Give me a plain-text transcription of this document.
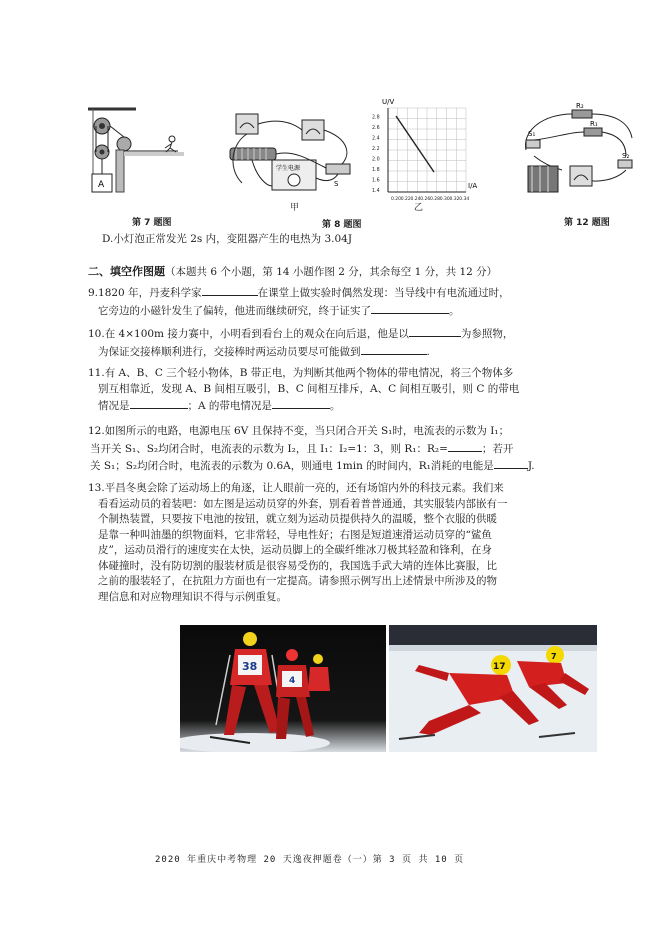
A
第 7 题图
学生电源
S
甲
第 8 题图
U/V
I/A
2.8
2.6
2.4
2.2
2.0
1.8
1.6
1.4
0.20 0.22 0.24 0.26 0.28 0.30 0.32 0.34
乙
R₂
R₁
S₁
S₂
第 12 题图
D.小灯泡正常发光 2s 内，变阻器产生的电热为 3.04J
二、填空作图题（本题共 6 个小题，第 14 小题作图 2 分，其余每空 1 分，共 12 分）
9.1820 年，丹麦科学家	在课堂上做实验时偶然发现：当导线中有电流通过时，
它旁边的小磁针发生了偏转，他进而继续研究，终于证实了	。
10.在 4×100m 接力赛中，小明看到看台上的观众在向后退，他是以	为参照物，
为保证交接棒顺利进行，交接棒时两运动员要尽可能做到	.
11.有 A、B、C 三个轻小物体，B 带正电，为判断其他两个物体的带电情况，将三个物体多
别互相靠近，发现 A、B 间相互吸引，B、C 间相互排斥，A、C 间相互吸引，则 C 的带电
情况是	；A 的带电情况是	。
12.如图所示的电路，电源电压 6V 且保持不变，当只闭合开关 S₁时，电流表的示数为 I₁；
当开关 S₁、S₂均闭合时，电流表的示数为 I₂，且 I₁：I₂=1：3，则 R₁：R₂=	；若开
关 S₁；S₂均闭合时，电流表的示数为 0.6A，则通电 1min 的时间内，R₁消耗的电能是	J.
13.平昌冬奥会除了运动场上的角逐，让人眼前一亮的，还有场馆内外的科技元素。我们来
看看运动员的着装吧：如左图是运动员穿的外套，别看着普普通通，其实服装内部嵌有一
个制热装置，只要按下电池的按钮，就立刻为运动员提供持久的温暖，整个衣服的供暖
是靠一种叫油墨的织物面料，它非常轻，导电性好；右图是短道速滑运动员穿的“鲨鱼
皮”，运动员滑行的速度实在太快，运动员脚上的全碳纤维冰刀极其轻盈和锋利，在身
体碰撞时，没有防切割的服装材质是很容易受伤的，我国选手武大靖的连体比赛服，比
之前的服装轻了，在抗阻力方面也有一定提高。请参照示例写出上述情景中所涉及的物
理信息和对应物理知识不得与示例重复。
38
4
17
7
2020 年重庆中考物理 20 天逸夜押题卷（一）第 3 页 共 10 页
